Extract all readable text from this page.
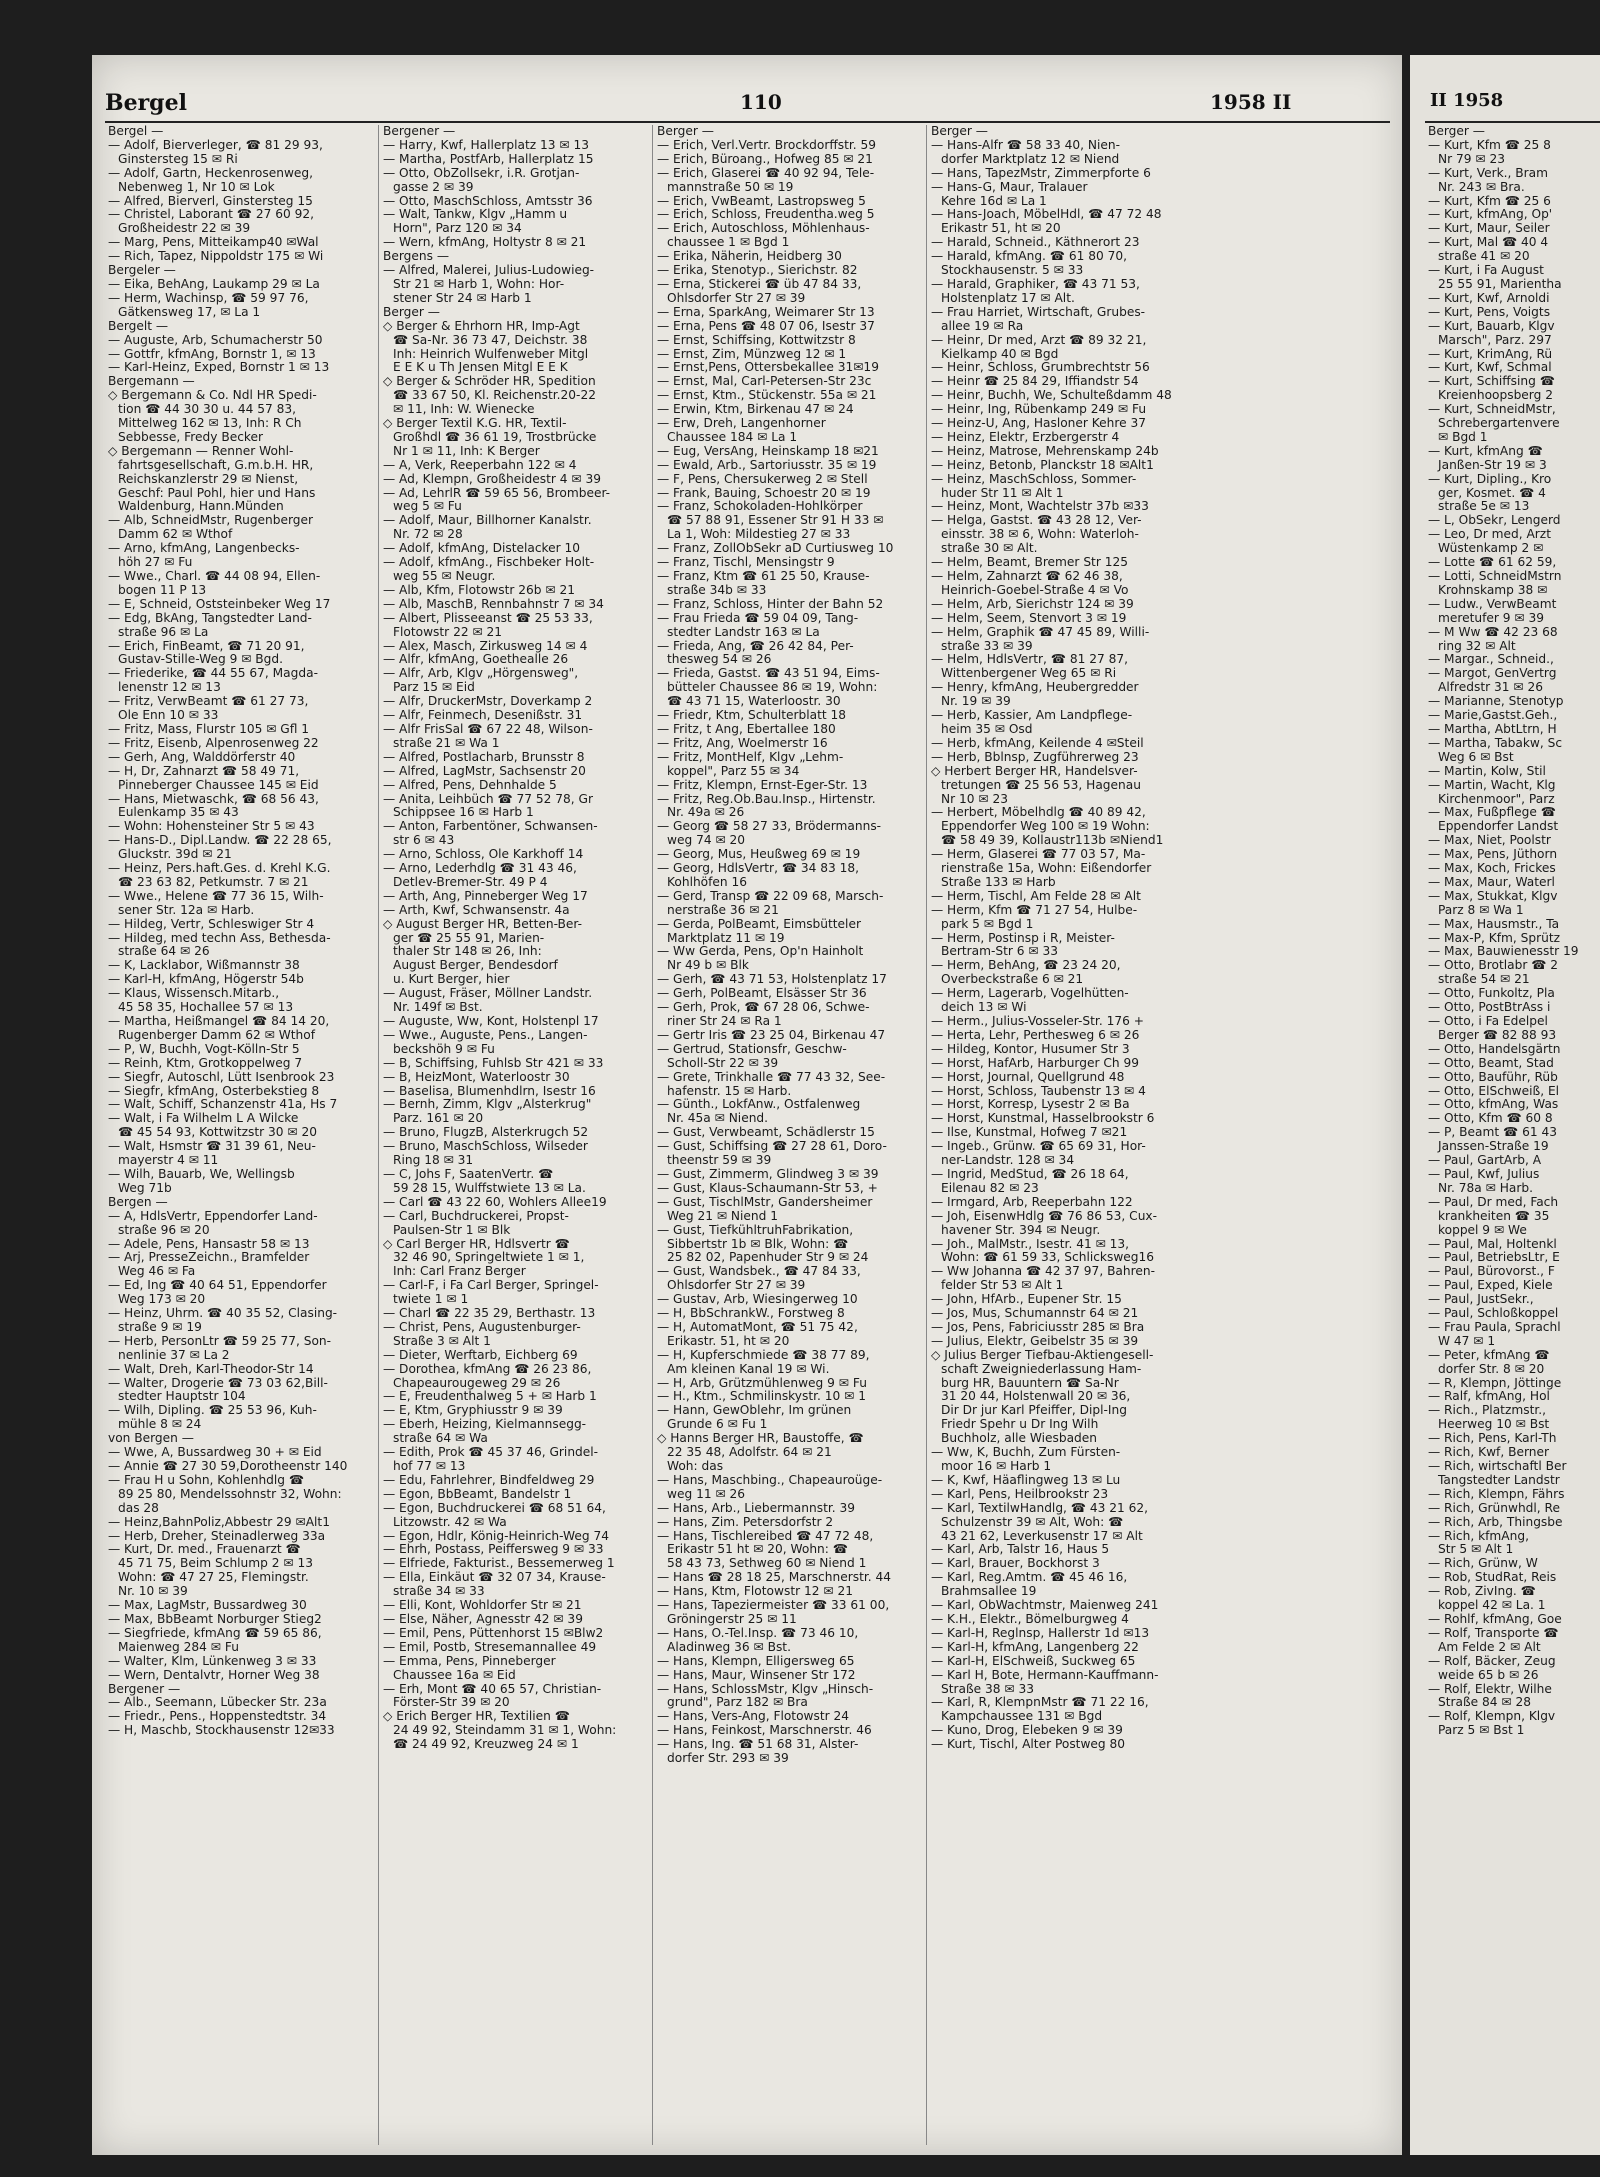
Bergel	110	1958 II	II 1958
Bergel —
— Adolf, Bierverleger, ☎ 81 29 93,
Ginstersteg 15 ✉ Ri
— Adolf, Gartn, Heckenrosenweg,
Nebenweg 1, Nr 10 ✉ Lok
— Alfred, Bierverl, Ginstersteg 15
— Christel, Laborant ☎ 27 60 92,
Großheidestr 22 ✉ 39
— Marg, Pens, Mitteikamp40 ✉Wal
— Rich, Tapez, Nippoldstr 175 ✉ Wi
Bergeler —
— Eika, BehAng, Laukamp 29 ✉ La
— Herm, Wachinsp, ☎ 59 97 76,
Gätkensweg 17, ✉ La 1
Bergelt —
— Auguste, Arb, Schumacherstr 50
— Gottfr, kfmAng, Bornstr 1, ✉ 13
— Karl-Heinz, Exped, Bornstr 1 ✉ 13
Bergemann —
◇ Bergemann & Co. Ndl HR Spedi-
tion ☎ 44 30 30 u. 44 57 83,
Mittelweg 162 ✉ 13, Inh: R Ch
Sebbesse, Fredy Becker
◇ Bergemann — Renner Wohl-
fahrtsgesellschaft, G.m.b.H. HR,
Reichskanzlerstr 29 ✉ Nienst,
Geschf: Paul Pohl, hier und Hans
Waldenburg, Hann.Münden
— Alb, SchneidMstr, Rugenberger
Damm 62 ✉ Wthof
— Arno, kfmAng, Langenbecks-
höh 27 ✉ Fu
— Wwe., Charl. ☎ 44 08 94, Ellen-
bogen 11 P 13
— E, Schneid, Oststeinbeker Weg 17
— Edg, BkAng, Tangstedter Land-
straße 96 ✉ La
— Erich, FinBeamt, ☎ 71 20 91,
Gustav-Stille-Weg 9 ✉ Bgd.
— Friederike, ☎ 44 55 67, Magda-
lenenstr 12 ✉ 13
— Fritz, VerwBeamt ☎ 61 27 73,
Ole Enn 10 ✉ 33
— Fritz, Mass, Flurstr 105 ✉ Gfl 1
— Fritz, Eisenb, Alpenrosenweg 22
— Gerh, Ang, Walddörferstr 40
— H, Dr, Zahnarzt ☎ 58 49 71,
Pinneberger Chaussee 145 ✉ Eid
— Hans, Mietwaschk, ☎ 68 56 43,
Eulenkamp 35 ✉ 43
— Wohn: Hohensteiner Str 5 ✉ 43
— Hans-D., Dipl.Landw. ☎ 22 28 65,
Gluckstr. 39d ✉ 21
— Heinz, Pers.haft.Ges. d. Krehl K.G.
☎ 23 63 82, Petkumstr. 7 ✉ 21
— Wwe., Helene ☎ 77 36 15, Wilh-
sener Str. 12a ✉ Harb.
— Hildeg, Vertr, Schleswiger Str 4
— Hildeg, med techn Ass, Bethesda-
straße 64 ✉ 26
— K, Lacklabor, Wißmannstr 38
— Karl-H, kfmAng, Högerstr 54b
— Klaus, Wissensch.Mitarb.,
45 58 35, Hochallee 57 ✉ 13
— Martha, Heißmangel ☎ 84 14 20,
Rugenberger Damm 62 ✉ Wthof
— P, W, Buchh, Vogt-Kölln-Str 5
— Reinh, Ktm, Grotkoppelweg 7
— Siegfr, Autoschl, Lütt Isenbrook 23
— Siegfr, kfmAng, Osterbekstieg 8
— Walt, Schiff, Schanzenstr 41a, Hs 7
— Walt, i Fa Wilhelm L A Wilcke
☎ 45 54 93, Kottwitzstr 30 ✉ 20
— Walt, Hsmstr ☎ 31 39 61, Neu-
mayerstr 4 ✉ 11
— Wilh, Bauarb, We, Wellingsb
Weg 71b
Bergen —
— A, HdlsVertr, Eppendorfer Land-
straße 96 ✉ 20
— Adele, Pens, Hansastr 58 ✉ 13
— Arj, PresseZeichn., Bramfelder
Weg 46 ✉ Fa
— Ed, Ing ☎ 40 64 51, Eppendorfer
Weg 173 ✉ 20
— Heinz, Uhrm. ☎ 40 35 52, Clasing-
straße 9 ✉ 19
— Herb, PersonLtr ☎ 59 25 77, Son-
nenlinie 37 ✉ La 2
— Walt, Dreh, Karl-Theodor-Str 14
— Walter, Drogerie ☎ 73 03 62,Bill-
stedter Hauptstr 104
— Wilh, Dipling. ☎ 25 53 96, Kuh-
mühle 8 ✉ 24
von Bergen —
— Wwe, A, Bussardweg 30 + ✉ Eid
— Annie ☎ 27 30 59,Dorotheenstr 140
— Frau H u Sohn, Kohlenhdlg ☎
89 25 80, Mendelssohnstr 32, Wohn:
das 28
— Heinz,BahnPoliz,Abbestr 29 ✉Alt1
— Herb, Dreher, Steinadlerweg 33a
— Kurt, Dr. med., Frauenarzt ☎
45 71 75, Beim Schlump 2 ✉ 13
Wohn: ☎ 47 27 25, Flemingstr.
Nr. 10 ✉ 39
— Max, LagMstr, Bussardweg 30
— Max, BbBeamt Norburger Stieg2
— Siegfriede, kfmAng ☎ 59 65 86,
Maienweg 284 ✉ Fu
— Walter, Klm, Lünkenweg 3 ✉ 33
— Wern, Dentalvtr, Horner Weg 38
Bergener —
— Alb., Seemann, Lübecker Str. 23a
— Friedr., Pens., Hoppenstedtstr. 34
— H, Maschb, Stockhausenstr 12✉33
Bergener —
— Harry, Kwf, Hallerplatz 13 ✉ 13
— Martha, PostfArb, Hallerplatz 15
— Otto, ObZollsekr, i.R. Grotjan-
gasse 2 ✉ 39
— Otto, MaschSchloss, Amtsstr 36
— Walt, Tankw, Klgv „Hamm u
Horn", Parz 120 ✉ 34
— Wern, kfmAng, Holtystr 8 ✉ 21
Bergens —
— Alfred, Malerei, Julius-Ludowieg-
Str 21 ✉ Harb 1, Wohn: Hor-
stener Str 24 ✉ Harb 1
Berger —
◇ Berger & Ehrhorn HR, Imp-Agt
☎ Sa-Nr. 36 73 47, Deichstr. 38
Inh: Heinrich Wulfenweber Mitgl
E E K u Th Jensen Mitgl E E K
◇ Berger & Schröder HR, Spedition
☎ 33 67 50, Kl. Reichenstr.20-22
✉ 11, Inh: W. Wienecke
◇ Berger Textil K.G. HR, Textil-
Großhdl ☎ 36 61 19, Trostbrücke
Nr 1 ✉ 11, Inh: K Berger
— A, Verk, Reeperbahn 122 ✉ 4
— Ad, Klempn, Großheidestr 4 ✉ 39
— Ad, LehrlR ☎ 59 65 56, Brombeer-
weg 5 ✉ Fu
— Adolf, Maur, Billhorner Kanalstr.
Nr. 72 ✉ 28
— Adolf, kfmAng, Distelacker 10
— Adolf, kfmAng., Fischbeker Holt-
weg 55 ✉ Neugr.
— Alb, Kfm, Flotowstr 26b ✉ 21
— Alb, MaschB, Rennbahnstr 7 ✉ 34
— Albert, Plisseeanst ☎ 25 53 33,
Flotowstr 22 ✉ 21
— Alex, Masch, Zirkusweg 14 ✉ 4
— Alfr, kfmAng, Goethealle 26
— Alfr, Arb, Klgv „Hörgensweg",
Parz 15 ✉ Eid
— Alfr, DruckerMstr, Doverkamp 2
— Alfr, Feinmech, Desenißstr. 31
— Alfr FrisSal ☎ 67 22 48, Wilson-
straße 21 ✉ Wa 1
— Alfred, Postlacharb, Brunsstr 8
— Alfred, LagMstr, Sachsenstr 20
— Alfred, Pens, Dehnhalde 5
— Anita, Leihbüch ☎ 77 52 78, Gr
Schippsee 16 ✉ Harb 1
— Anton, Farbentöner, Schwansen-
str 6 ✉ 43
— Arno, Schloss, Ole Karkhoff 14
— Arno, Lederhdlg ☎ 31 43 46,
Detlev-Bremer-Str. 49 P 4
— Arth, Ang, Pinneberger Weg 17
— Arth, Kwf, Schwansenstr. 4a
◇ August Berger HR, Betten-Ber-
ger ☎ 25 55 91, Marien-
thaler Str 148 ✉ 26, Inh:
August Berger, Bendesdorf
u. Kurt Berger, hier
— August, Fräser, Möllner Landstr.
Nr. 149f ✉ Bst.
— Auguste, Ww, Kont, Holstenpl 17
— Wwe., Auguste, Pens., Langen-
beckshöh 9 ✉ Fu
— B, Schiffsing, Fuhlsb Str 421 ✉ 33
— B, HeizMont, Waterloostr 30
— Baselisa, Blumenhdlrn, Isestr 16
— Bernh, Zimm, Klgv „Alsterkrug"
Parz. 161 ✉ 20
— Bruno, FlugzB, Alsterkrugch 52
— Bruno, MaschSchloss, Wilseder
Ring 18 ✉ 31
— C, Johs F, SaatenVertr. ☎
59 28 15, Wulffstwiete 13 ✉ La.
— Carl ☎ 43 22 60, Wohlers Allee19
— Carl, Buchdruckerei, Propst-
Paulsen-Str 1 ✉ Blk
◇ Carl Berger HR, Hdlsvertr ☎
32 46 90, Springeltwiete 1 ✉ 1,
Inh: Carl Franz Berger
— Carl-F, i Fa Carl Berger, Springel-
twiete 1 ✉ 1
— Charl ☎ 22 35 29, Berthastr. 13
— Christ, Pens, Augustenburger-
Straße 3 ✉ Alt 1
— Dieter, Werftarb, Eichberg 69
— Dorothea, kfmAng ☎ 26 23 86,
Chapeaurougeweg 29 ✉ 26
— E, Freudenthalweg 5 + ✉ Harb 1
— E, Ktm, Gryphiusstr 9 ✉ 39
— Eberh, Heizing, Kielmannsegg-
straße 64 ✉ Wa
— Edith, Prok ☎ 45 37 46, Grindel-
hof 77 ✉ 13
— Edu, Fahrlehrer, Bindfeldweg 29
— Egon, BbBeamt, Bandelstr 1
— Egon, Buchdruckerei ☎ 68 51 64,
Litzowstr. 42 ✉ Wa
— Egon, Hdlr, König-Heinrich-Weg 74
— Ehrh, Postass, Peiffersweg 9 ✉ 33
— Elfriede, Fakturist., Bessemerweg 1
— Ella, Einkäut ☎ 32 07 34, Krause-
straße 34 ✉ 33
— Elli, Kont, Wohldorfer Str ✉ 21
— Else, Näher, Agnesstr 42 ✉ 39
— Emil, Pens, Püttenhorst 15 ✉Blw2
— Emil, Postb, Stresemannallee 49
— Emma, Pens, Pinneberger
Chaussee 16a ✉ Eid
— Erh, Mont ☎ 40 65 57, Christian-
Förster-Str 39 ✉ 20
◇ Erich Berger HR, Textilien ☎
24 49 92, Steindamm 31 ✉ 1, Wohn:
☎ 24 49 92, Kreuzweg 24 ✉ 1
Berger —
— Erich, Verl.Vertr. Brockdorffstr. 59
— Erich, Büroang., Hofweg 85 ✉ 21
— Erich, Glaserei ☎ 40 92 94, Tele-
mannstraße 50 ✉ 19
— Erich, VwBeamt, Lastropsweg 5
— Erich, Schloss, Freudentha.weg 5
— Erich, Autoschloss, Möhlenhaus-
chaussee 1 ✉ Bgd 1
— Erika, Näherin, Heidberg 30
— Erika, Stenotyp., Sierichstr. 82
— Erna, Stickerei ☎ üb 47 84 33,
Ohlsdorfer Str 27 ✉ 39
— Erna, SparkAng, Weimarer Str 13
— Erna, Pens ☎ 48 07 06, Isestr 37
— Ernst, Schiffsing, Kottwitzstr 8
— Ernst, Zim, Münzweg 12 ✉ 1
— Ernst,Pens, Ottersbekallee 31✉19
— Ernst, Mal, Carl-Petersen-Str 23c
— Ernst, Ktm., Stückenstr. 55a ✉ 21
— Erwin, Ktm, Birkenau 47 ✉ 24
— Erw, Dreh, Langenhorner
Chaussee 184 ✉ La 1
— Eug, VersAng, Heinskamp 18 ✉21
— Ewald, Arb., Sartoriusstr. 35 ✉ 19
— F, Pens, Chersukerweg 2 ✉ Stell
— Frank, Bauing, Schoestr 20 ✉ 19
— Franz, Schokoladen-Hohlkörper
☎ 57 88 91, Essener Str 91 H 33 ✉
La 1, Woh: Mildestieg 27 ✉ 33
— Franz, ZollObSekr aD Curtiusweg 10
— Franz, Tischl, Mensingstr 9
— Franz, Ktm ☎ 61 25 50, Krause-
straße 34b ✉ 33
— Franz, Schloss, Hinter der Bahn 52
— Frau Frieda ☎ 59 04 09, Tang-
stedter Landstr 163 ✉ La
— Frieda, Ang, ☎ 26 42 84, Per-
thesweg 54 ✉ 26
— Frieda, Gastst. ☎ 43 51 94, Eims-
bütteler Chaussee 86 ✉ 19, Wohn:
☎ 43 71 15, Waterloostr. 30
— Friedr, Ktm, Schulterblatt 18
— Fritz, t Ang, Ebertallee 180
— Fritz, Ang, Woelmerstr 16
— Fritz, MontHelf, Klgv „Lehm-
koppel", Parz 55 ✉ 34
— Fritz, Klempn, Ernst-Eger-Str. 13
— Fritz, Reg.Ob.Bau.Insp., Hirtenstr.
Nr. 49a ✉ 26
— Georg ☎ 58 27 33, Brödermanns-
weg 74 ✉ 20
— Georg, Mus, Heußweg 69 ✉ 19
— Georg, HdlsVertr, ☎ 34 83 18,
Kohlhöfen 16
— Gerd, Transp ☎ 22 09 68, Marsch-
nerstraße 36 ✉ 21
— Gerda, PolBeamt, Eimsbütteler
Marktplatz 11 ✉ 19
— Ww Gerda, Pens, Op'n Hainholt
Nr 49 b ✉ Blk
— Gerh, ☎ 43 71 53, Holstenplatz 17
— Gerh, PolBeamt, Elsässer Str 36
— Gerh, Prok, ☎ 67 28 06, Schwe-
riner Str 24 ✉ Ra 1
— Gertr Iris ☎ 23 25 04, Birkenau 47
— Gertrud, Stationsfr, Geschw-
Scholl-Str 22 ✉ 39
— Grete, Trinkhalle ☎ 77 43 32, See-
hafenstr. 15 ✉ Harb.
— Günth., LokfAnw., Ostfalenweg
Nr. 45a ✉ Niend.
— Gust, Verwbeamt, Schädlerstr 15
— Gust, Schiffsing ☎ 27 28 61, Doro-
theenstr 59 ✉ 39
— Gust, Zimmerm, Glindweg 3 ✉ 39
— Gust, Klaus-Schaumann-Str 53, +
— Gust, TischlMstr, Gandersheimer
Weg 21 ✉ Niend 1
— Gust, TiefkühltruhFabrikation,
Sibbertstr 1b ✉ Blk, Wohn: ☎
25 82 02, Papenhuder Str 9 ✉ 24
— Gust, Wandsbek., ☎ 47 84 33,
Ohlsdorfer Str 27 ✉ 39
— Gustav, Arb, Wiesingerweg 10
— H, BbSchrankW., Forstweg 8
— H, AutomatMont, ☎ 51 75 42,
Erikastr. 51, ht ✉ 20
— H, Kupferschmiede ☎ 38 77 89,
Am kleinen Kanal 19 ✉ Wi.
— H, Arb, Grützmühlenweg 9 ✉ Fu
— H., Ktm., Schmilinskystr. 10 ✉ 1
— Hann, GewOblehr, Im grünen
Grunde 6 ✉ Fu 1
◇ Hanns Berger HR, Baustoffe, ☎
22 35 48, Adolfstr. 64 ✉ 21
Woh: das
— Hans, Maschbing., Chapeauroüge-
weg 11 ✉ 26
— Hans, Arb., Liebermannstr. 39
— Hans, Zim. Petersdorfstr 2
— Hans, Tischlereibed ☎ 47 72 48,
Erikastr 51 ht ✉ 20, Wohn: ☎
58 43 73, Sethweg 60 ✉ Niend 1
— Hans ☎ 28 18 25, Marschnerstr. 44
— Hans, Ktm, Flotowstr 12 ✉ 21
— Hans, Tapeziermeister ☎ 33 61 00,
Gröningerstr 25 ✉ 11
— Hans, O.-Tel.Insp. ☎ 73 46 10,
Aladinweg 36 ✉ Bst.
— Hans, Klempn, Elligersweg 65
— Hans, Maur, Winsener Str 172
— Hans, SchlossMstr, Klgv „Hinsch-
grund", Parz 182 ✉ Bra
— Hans, Vers-Ang, Flotowstr 24
— Hans, Feinkost, Marschnerstr. 46
— Hans, Ing. ☎ 51 68 31, Alster-
dorfer Str. 293 ✉ 39
Berger —
— Hans-Alfr ☎ 58 33 40, Nien-
dorfer Marktplatz 12 ✉ Niend
— Hans, TapezMstr, Zimmerpforte 6
— Hans-G, Maur, Tralauer
Kehre 16d ✉ La 1
— Hans-Joach, MöbelHdl, ☎ 47 72 48
Erikastr 51, ht ✉ 20
— Harald, Schneid., Käthnerort 23
— Harald, kfmAng. ☎ 61 80 70,
Stockhausenstr. 5 ✉ 33
— Harald, Graphiker, ☎ 43 71 53,
Holstenplatz 17 ✉ Alt.
— Frau Harriet, Wirtschaft, Grubes-
allee 19 ✉ Ra
— Heinr, Dr med, Arzt ☎ 89 32 21,
Kielkamp 40 ✉ Bgd
— Heinr, Schloss, Grumbrechtstr 56
— Heinr ☎ 25 84 29, Iffiandstr 54
— Heinr, Buchh, We, Schulteßdamm 48
— Heinr, Ing, Rübenkamp 249 ✉ Fu
— Heinz-U, Ang, Hasloner Kehre 37
— Heinz, Elektr, Erzbergerstr 4
— Heinz, Matrose, Mehrenskamp 24b
— Heinz, Betonb, Planckstr 18 ✉Alt1
— Heinz, MaschSchloss, Sommer-
huder Str 11 ✉ Alt 1
— Heinz, Mont, Wachtelstr 37b ✉33
— Helga, Gastst. ☎ 43 28 12, Ver-
einsstr. 38 ✉ 6, Wohn: Waterloh-
straße 30 ✉ Alt.
— Helm, Beamt, Bremer Str 125
— Helm, Zahnarzt ☎ 62 46 38,
Heinrich-Goebel-Straße 4 ✉ Vo
— Helm, Arb, Sierichstr 124 ✉ 39
— Helm, Seem, Stenvort 3 ✉ 19
— Helm, Graphik ☎ 47 45 89, Willi-
straße 33 ✉ 39
— Helm, HdlsVertr, ☎ 81 27 87,
Wittenbergener Weg 65 ✉ Ri
— Henry, kfmAng, Heubergredder
Nr. 19 ✉ 39
— Herb, Kassier, Am Landpflege-
heim 35 ✉ Osd
— Herb, kfmAng, Keilende 4 ✉Steil
— Herb, Bblnsp, Zugführerweg 23
◇ Herbert Berger HR, Handelsver-
tretungen ☎ 25 56 53, Hagenau
Nr 10 ✉ 23
— Herbert, Möbelhdlg ☎ 40 89 42,
Eppendorfer Weg 100 ✉ 19 Wohn:
☎ 58 49 39, Kollaustr113b ✉Niend1
— Herm, Glaserei ☎ 77 03 57, Ma-
rienstraße 15a, Wohn: Eißendorfer
Straße 133 ✉ Harb
— Herm, Tischl, Am Felde 28 ✉ Alt
— Herm, Kfm ☎ 71 27 54, Hulbe-
park 5 ✉ Bgd 1
— Herm, Postinsp i R, Meister-
Bertram-Str 6 ✉ 33
— Herm, BehAng, ☎ 23 24 20,
Overbeckstraße 6 ✉ 21
— Herm, Lagerarb, Vogelhütten-
deich 13 ✉ Wi
— Herm., Julius-Vosseler-Str. 176 +
— Herta, Lehr, Perthesweg 6 ✉ 26
— Hildeg, Kontor, Husumer Str 3
— Horst, HafArb, Harburger Ch 99
— Horst, Journal, Quellgrund 48
— Horst, Schloss, Taubenstr 13 ✉ 4
— Horst, Korresp, Lysestr 2 ✉ Ba
— Horst, Kunstmal, Hasselbrookstr 6
— Ilse, Kunstmal, Hofweg 7 ✉21
— Ingeb., Grünw. ☎ 65 69 31, Hor-
ner-Landstr. 128 ✉ 34
— Ingrid, MedStud, ☎ 26 18 64,
Eilenau 82 ✉ 23
— Irmgard, Arb, Reeperbahn 122
— Joh, EisenwHdlg ☎ 76 86 53, Cux-
havener Str. 394 ✉ Neugr.
— Joh., MalMstr., Isestr. 41 ✉ 13,
Wohn: ☎ 61 59 33, Schlicksweg16
— Ww Johanna ☎ 42 37 97, Bahren-
felder Str 53 ✉ Alt 1
— John, HfArb., Eupener Str. 15
— Jos, Mus, Schumannstr 64 ✉ 21
— Jos, Pens, Fabriciusstr 285 ✉ Bra
— Julius, Elektr, Geibelstr 35 ✉ 39
◇ Julius Berger Tiefbau-Aktiengesell-
schaft Zweigniederlassung Ham-
burg HR, Bauuntern ☎ Sa-Nr
31 20 44, Holstenwall 20 ✉ 36,
Dir Dr jur Karl Pfeiffer, Dipl-Ing
Friedr Spehr u Dr Ing Wilh
Buchholz, alle Wiesbaden
— Ww, K, Buchh, Zum Fürsten-
moor 16 ✉ Harb 1
— K, Kwf, Häaflingweg 13 ✉ Lu
— Karl, Pens, Heilbrookstr 23
— Karl, TextilwHandlg, ☎ 43 21 62,
Schulzenstr 39 ✉ Alt, Woh: ☎
43 21 62, Leverkusenstr 17 ✉ Alt
— Karl, Arb, Talstr 16, Haus 5
— Karl, Brauer, Bockhorst 3
— Karl, Reg.Amtm. ☎ 45 46 16,
Brahmsallee 19
— Karl, ObWachtmstr, Maienweg 241
— K.H., Elektr., Bömelburgweg 4
— Karl-H, Reglnsp, Hallerstr 1d ✉13
— Karl-H, kfmAng, Langenberg 22
— Karl-H, ElSchweiß, Suckweg 65
— Karl H, Bote, Hermann-Kauffmann-
Straße 38 ✉ 33
— Karl, R, KlempnMstr ☎ 71 22 16,
Kampchaussee 131 ✉ Bgd
— Kuno, Drog, Elebeken 9 ✉ 39
— Kurt, Tischl, Alter Postweg 80
Berger —
— Kurt, Kfm ☎ 25 8
Nr 79 ✉ 23
— Kurt, Verk., Bram
Nr. 243 ✉ Bra.
— Kurt, Kfm ☎ 25 6
— Kurt, kfmAng, Op'
— Kurt, Maur, Seiler
— Kurt, Mal ☎ 40 4
straße 41 ✉ 20
— Kurt, i Fa August
25 55 91, Marientha
— Kurt, Kwf, Arnoldi
— Kurt, Pens, Voigts
— Kurt, Bauarb, Klgv
Marsch", Parz. 297
— Kurt, KrimAng, Rü
— Kurt, Kwf, Schmal
— Kurt, Schiffsing ☎
Kreienhoopsberg 2
— Kurt, SchneidMstr,
Schrebergartenvere
✉ Bgd 1
— Kurt, kfmAng ☎
Janßen-Str 19 ✉ 3
— Kurt, Dipling., Kro
ger, Kosmet. ☎ 4
straße 5e ✉ 13
— L, ObSekr, Lengerd
— Leo, Dr med, Arzt
Wüstenkamp 2 ✉
— Lotte ☎ 61 62 59,
— Lotti, SchneidMstrn
Krohnskamp 38 ✉
— Ludw., VerwBeamt
meretufer 9 ✉ 39
— M Ww ☎ 42 23 68
ring 32 ✉ Alt
— Margar., Schneid.,
— Margot, GenVertrg
Alfredstr 31 ✉ 26
— Marianne, Stenotyp
— Marie,Gastst.Geh.,
— Martha, AbtLtrn, H
— Martha, Tabakw, Sc
Weg 6 ✉ Bst
— Martin, Kolw, Stil
— Martin, Wacht, Klg
Kirchenmoor", Parz
— Max, Fußpflege ☎
Eppendorfer Landst
— Max, Niet, Poolstr
— Max, Pens, Jüthorn
— Max, Koch, Frickes
— Max, Maur, Waterl
— Max, Stukkat, Klgv
Parz 8 ✉ Wa 1
— Max, Hausmstr., Ta
— Max-P, Kfm, Sprütz
— Max, Bauwienesstr 19
— Otto, Brotlabr ☎ 2
straße 54 ✉ 21
— Otto, Funkoltz, Pla
— Otto, PostBtrAss i
— Otto, i Fa Edelpel
Berger ☎ 82 88 93
— Otto, Handelsgärtn
— Otto, Beamt, Stad
— Otto, Bauführ, Rüb
— Otto, ElSchweiß, El
— Otto, kfmAng, Was
— Otto, Kfm ☎ 60 8
— P, Beamt ☎ 61 43
Janssen-Straße 19
— Paul, GartArb, A
— Paul, Kwf, Julius
Nr. 78a ✉ Harb.
— Paul, Dr med, Fach
krankheiten ☎ 35
koppel 9 ✉ We
— Paul, Mal, Holtenkl
— Paul, BetriebsLtr, E
— Paul, Bürovorst., F
— Paul, Exped, Kiele
— Paul, JustSekr.,
— Paul, Schloßkoppel
— Frau Paula, Sprachl
W 47 ✉ 1
— Peter, kfmAng ☎
dorfer Str. 8 ✉ 20
— R, Klempn, Jöttinge
— Ralf, kfmAng, Hol
— Rich., Platzmstr.,
Heerweg 10 ✉ Bst
— Rich, Pens, Karl-Th
— Rich, Kwf, Berner
— Rich, wirtschaftl Ber
Tangstedter Landstr
— Rich, Klempn, Fährs
— Rich, Grünwhdl, Re
— Rich, Arb, Thingsbe
— Rich, kfmAng,
Str 5 ✉ Alt 1
— Rich, Grünw, W
— Rob, StudRat, Reis
— Rob, ZivIng. ☎
koppel 42 ✉ La. 1
— Rohlf, kfmAng, Goe
— Rolf, Transporte ☎
Am Felde 2 ✉ Alt
— Rolf, Bäcker, Zeug
weide 65 b ✉ 26
— Rolf, Elektr, Wilhe
Straße 84 ✉ 28
— Rolf, Klempn, Klgv
Parz 5 ✉ Bst 1
